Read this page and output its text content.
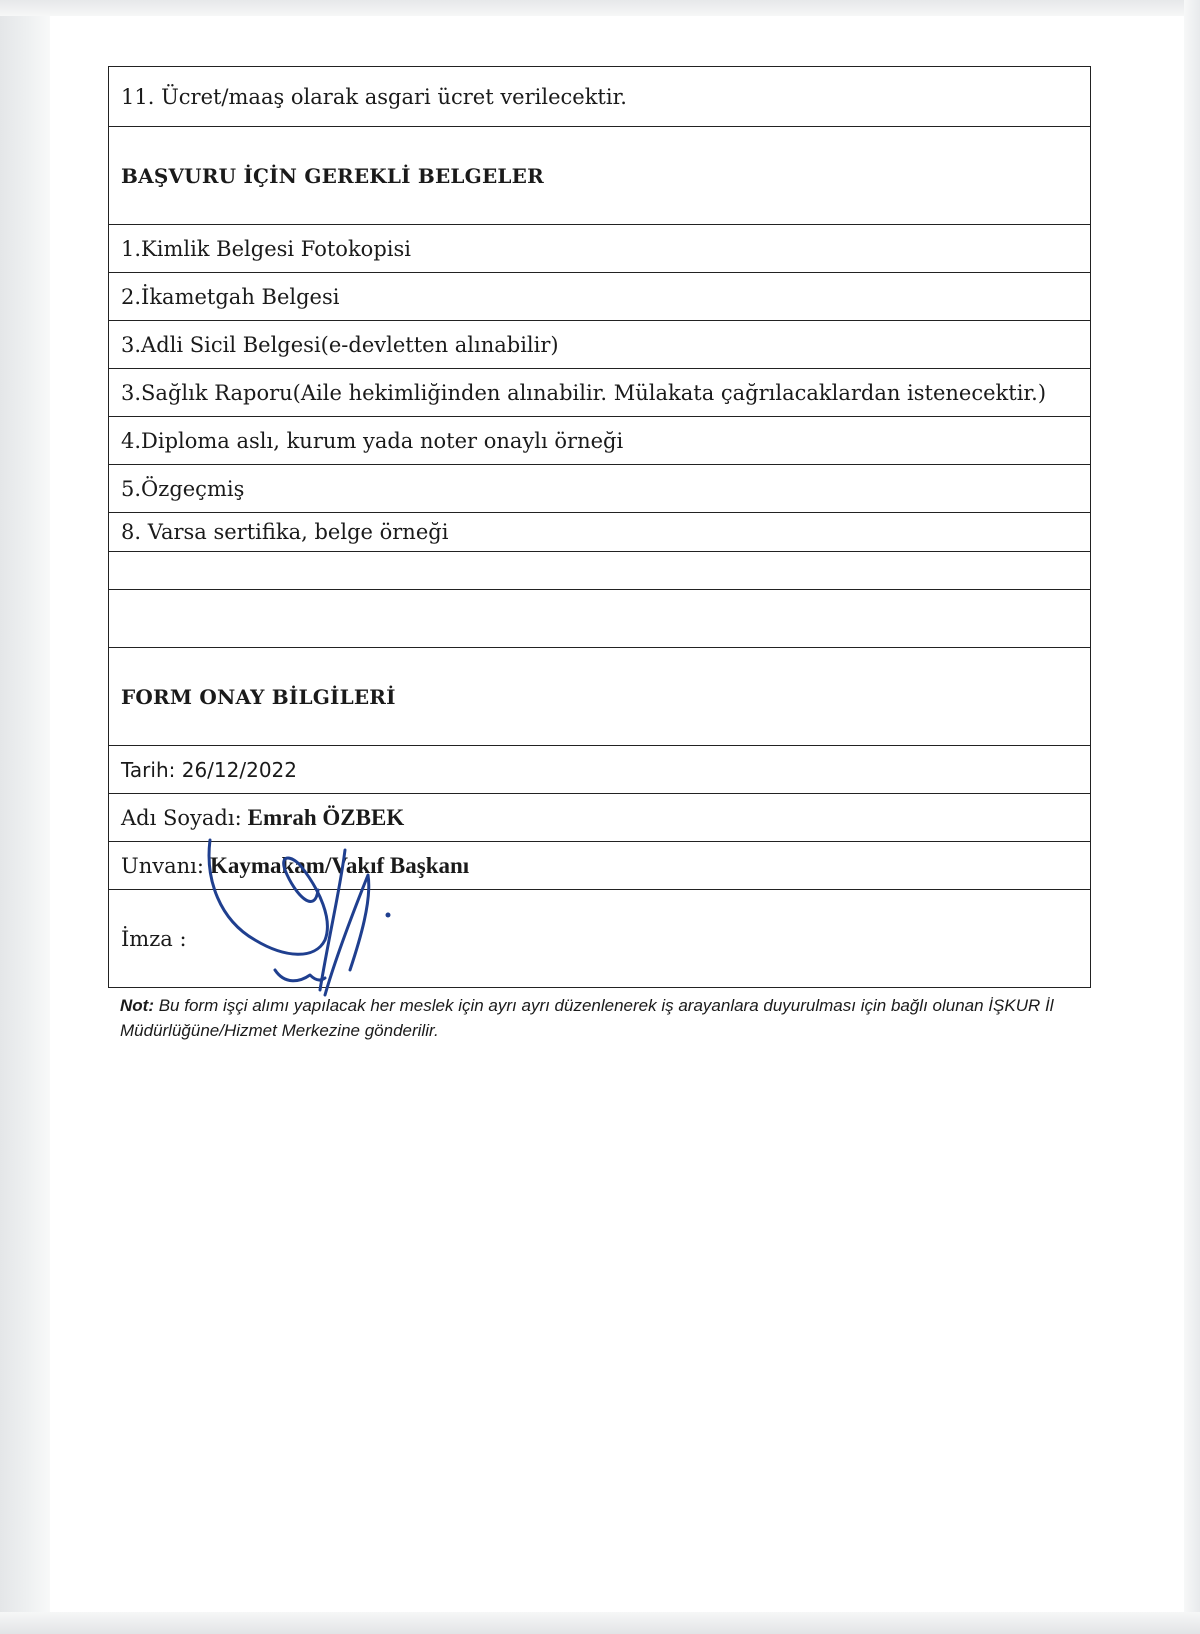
11. Ücret/maaş olarak asgari ücret verilecektir.
BAŞVURU İÇİN GEREKLİ BELGELER
1.Kimlik Belgesi Fotokopisi
2.İkametgah Belgesi
3.Adli Sicil Belgesi(e-devletten alınabilir)
3.Sağlık Raporu(Aile hekimliğinden alınabilir. Mülakata çağrılacaklardan istenecektir.)
4.Diploma aslı, kurum yada noter onaylı örneği
5.Özgeçmiş
8. Varsa sertifika, belge örneği
FORM ONAY BİLGİLERİ
Tarih: 26/12/2022
Adı Soyadı: Emrah ÖZBEK
Unvanı: Kaymakam/Vakıf Başkanı
İmza :
Not: Bu form işçi alımı yapılacak her meslek için ayrı ayrı düzenlenerek iş arayanlara duyurulması için bağlı olunan İŞKUR İl Müdürlüğüne/Hizmet Merkezine gönderilir.
